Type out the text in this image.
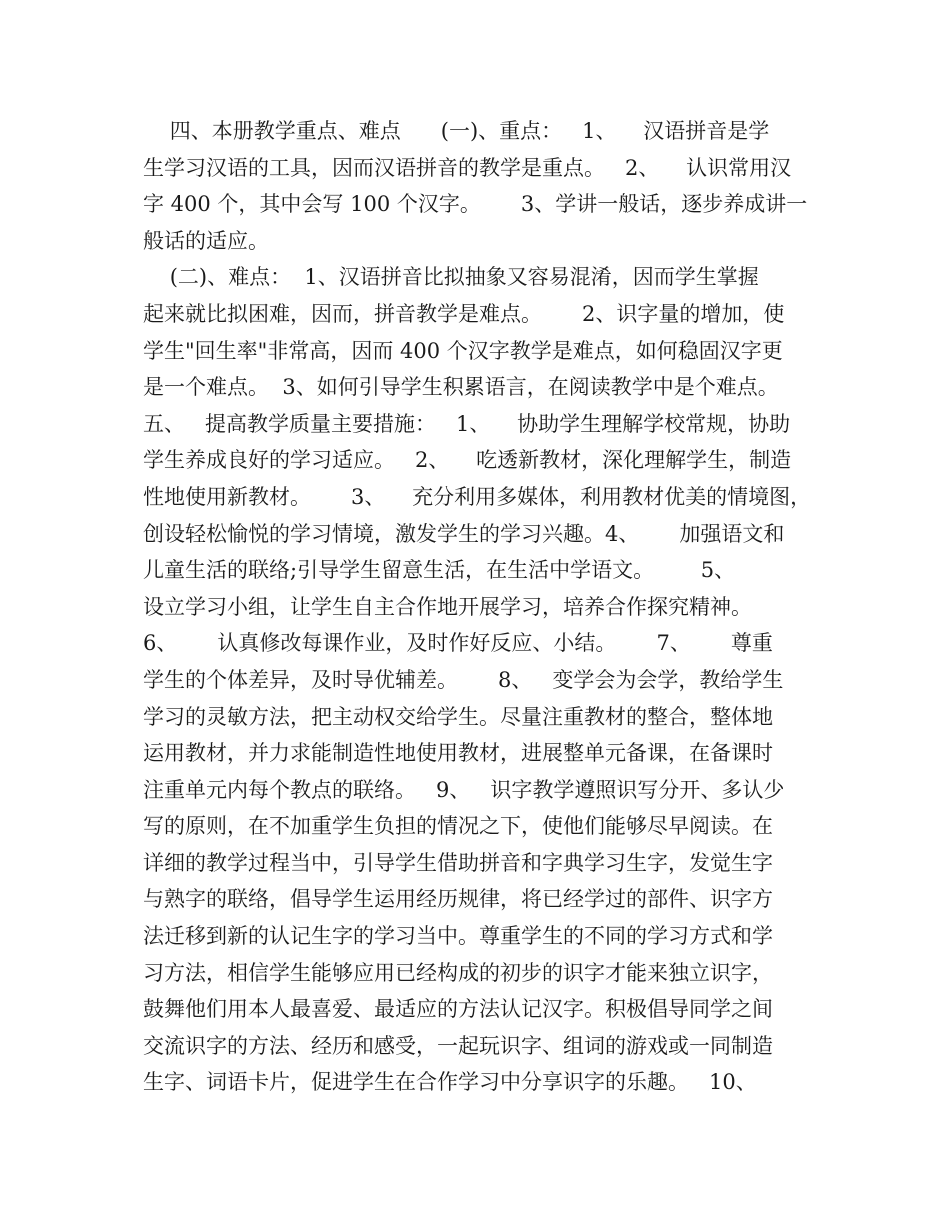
四、本册教学重点、难点      (一)、重点：   1、    汉语拼音是学
生学习汉语的工具，因而汉语拼音的教学是重点。   2、    认识常用汉
字 400 个，其中会写 100 个汉字。      3、学讲一般话，逐步养成讲一
般话的适应。
(二)、难点：  1、汉语拼音比拟抽象又容易混淆，因而学生掌握
起来就比拟困难，因而，拼音教学是难点。      2、识字量的增加，使
学生"回生率"非常高，因而 400 个汉字教学是难点，如何稳固汉字更
是一个难点。  3、如何引导学生积累语言，在阅读教学中是个难点。
五、   提高教学质量主要措施：   1、    协助学生理解学校常规，协助
学生养成良好的学习适应。   2、    吃透新教材，深化理解学生，制造
性地使用新教材。      3、    充分利用多媒体，利用教材优美的情境图，
创设轻松愉悦的学习情境，激发学生的学习兴趣。4、      加强语文和
儿童生活的联络;引导学生留意生活，在生活中学语文。       5、
设立学习小组，让学生自主合作地开展学习，培养合作探究精神。
6、      认真修改每课作业，及时作好反应、小结。      7、      尊重
学生的个体差异，及时导优辅差。      8、   变学会为会学，教给学生
学习的灵敏方法，把主动权交给学生。尽量注重教材的整合，整体地
运用教材，并力求能制造性地使用教材，进展整单元备课，在备课时
注重单元内每个教点的联络。   9、   识字教学遵照识写分开、多认少
写的原则，在不加重学生负担的情况之下，使他们能够尽早阅读。在
详细的教学过程当中，引导学生借助拼音和字典学习生字，发觉生字
与熟字的联络，倡导学生运用经历规律，将已经学过的部件、识字方
法迁移到新的认记生字的学习当中。尊重学生的不同的学习方式和学
习方法，相信学生能够应用已经构成的初步的识字才能来独立识字，
鼓舞他们用本人最喜爱、最适应的方法认记汉字。积极倡导同学之间
交流识字的方法、经历和感受，一起玩识字、组词的游戏或一同制造
生字、词语卡片，促进学生在合作学习中分享识字的乐趣。   10、
